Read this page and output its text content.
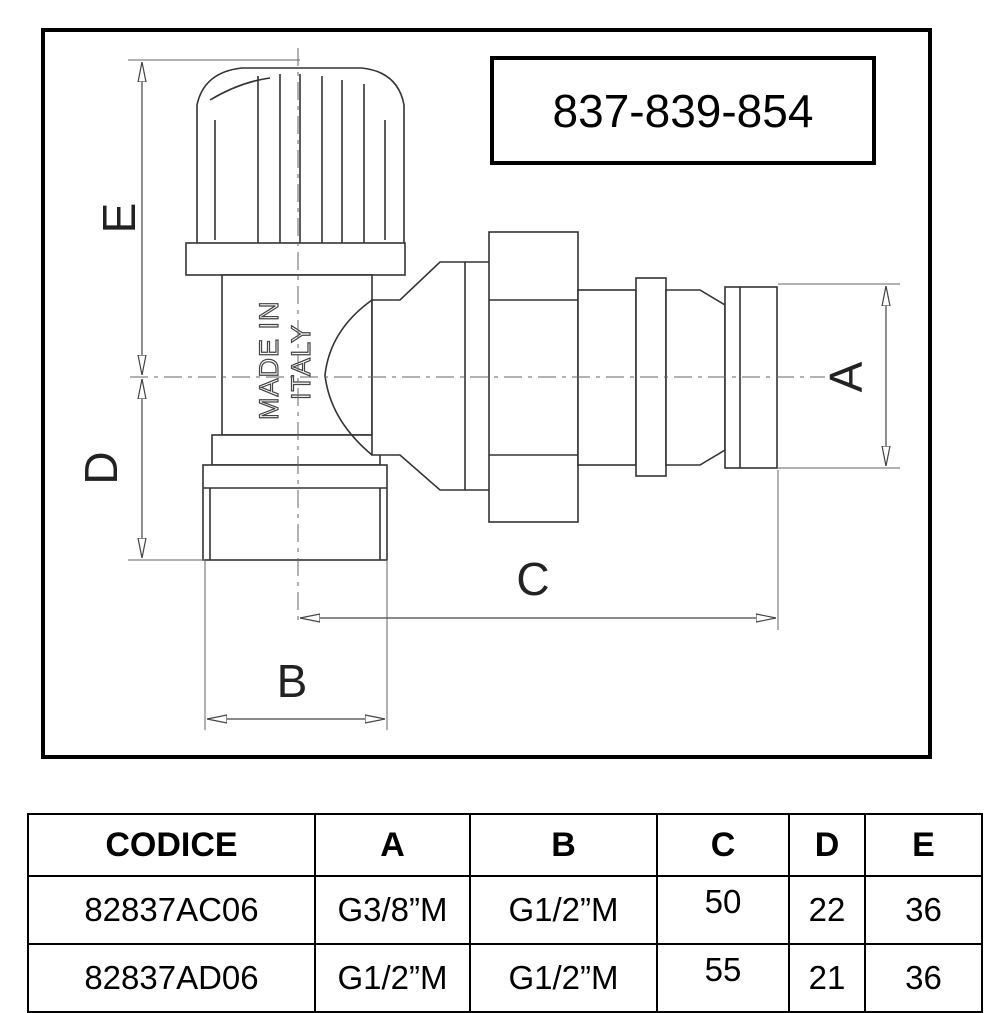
837-839-854
MADE IN ITALY
E
D
A
C
B
CODICE	A	B	C	D	E
82837AC06	G3/8”M	G1/2”M	50	22	36
82837AD06	G1/2”M	G1/2”M	55	21	36
